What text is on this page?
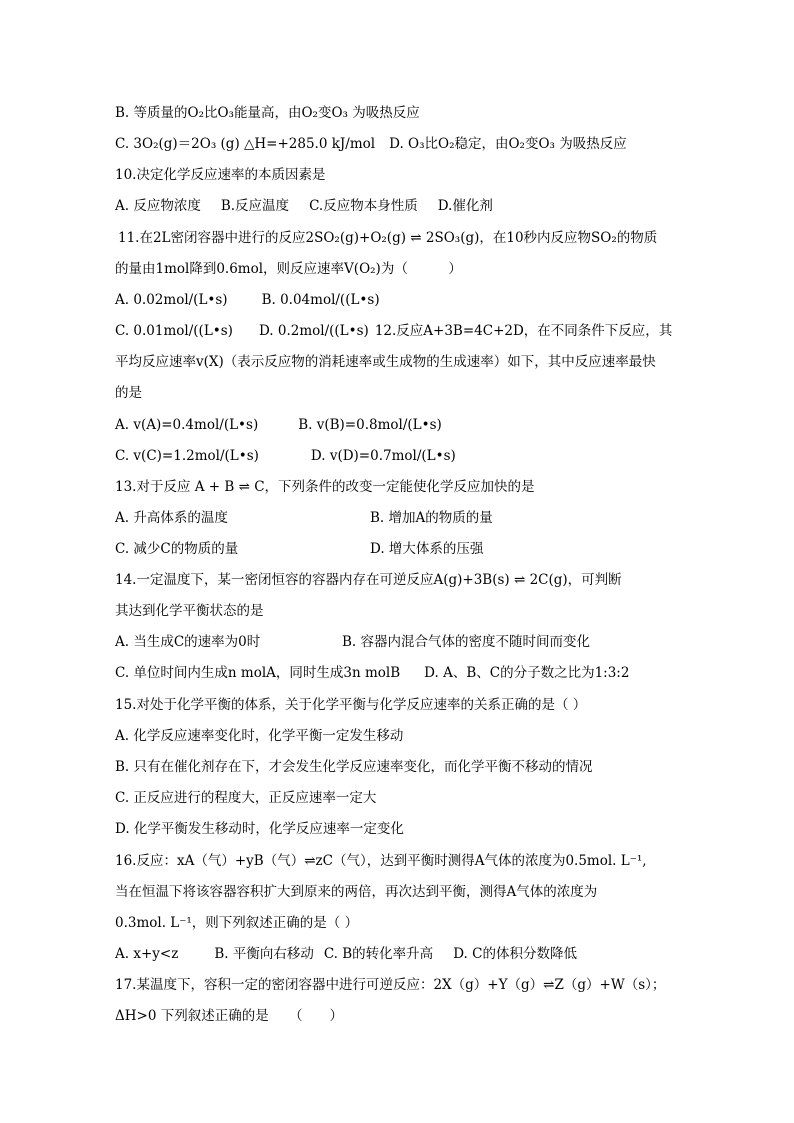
B. 等质量的O₂比O₃能量高，由O₂变O₃ 为吸热反应
C. 3O₂(g)＝2O₃ (g) △H=+285.0 kJ/mol D. O₃比O₂稳定，由O₂变O₃ 为吸热反应
10.决定化学反应速率的本质因素是
A. 反应物浓度 B.反应温度 C.反应物本身性质 D.催化剂
11.在2L密闭容器中进行的反应2SO₂(g)+O₂(g) ⇌ 2SO₃(g)，在10秒内反应物SO₂的物质
的量由1mol降到0.6mol，则反应速率V(O₂)为（　　　）
A. 0.02mol/(L•s)	B. 0.04mol/((L•s)
C. 0.01mol/((L•s) D. 0.2mol/((L•s) 12.反应A+3B=4C+2D，在不同条件下反应，其
平均反应速率v(X)（表示反应物的消耗速率或生成物的生成速率）如下，其中反应速率最快
的是
A. v(A)=0.4mol/(L•s)	B. v(B)=0.8mol/(L•s)
C. v(C)=1.2mol/(L•s)	D. v(D)=0.7mol/(L•s)
13.对于反应 A + B ⇌ C，下列条件的改变一定能使化学反应加快的是
A. 升高体系的温度	B. 增加A的物质的量
C. 减少C的物质的量	D. 增大体系的压强
14.一定温度下，某一密闭恒容的容器内存在可逆反应A(g)+3B(s) ⇌ 2C(g)，可判断
其达到化学平衡状态的是
A. 当生成C的速率为0时	B. 容器内混合气体的密度不随时间而变化
C. 单位时间内生成n molA，同时生成3n molB D. A、B、C的分子数之比为1:3:2
15.对处于化学平衡的体系，关于化学平衡与化学反应速率的关系正确的是（ ）
A. 化学反应速率变化时，化学平衡一定发生移动
B. 只有在催化剂存在下，才会发生化学反应速率变化，而化学平衡不移动的情况
C. 正反应进行的程度大，正反应速率一定大
D. 化学平衡发生移动时，化学反应速率一定变化
16.反应：xA（气）+yB（气）⇌zC（气），达到平衡时测得A气体的浓度为0.5mol. L⁻¹,
当在恒温下将该容器容积扩大到原来的两倍，再次达到平衡，测得A气体的浓度为
0.3mol. L⁻¹，则下列叙述正确的是（ ）
A. x+y<z	B. 平衡向右移动 C. B的转化率升高 D. C的体积分数降低
17.某温度下，容积一定的密闭容器中进行可逆反应：2X（g）+Y（g）⇌Z（g）+W（s）；
ΔH>0 下列叙述正确的是　　（　　）
